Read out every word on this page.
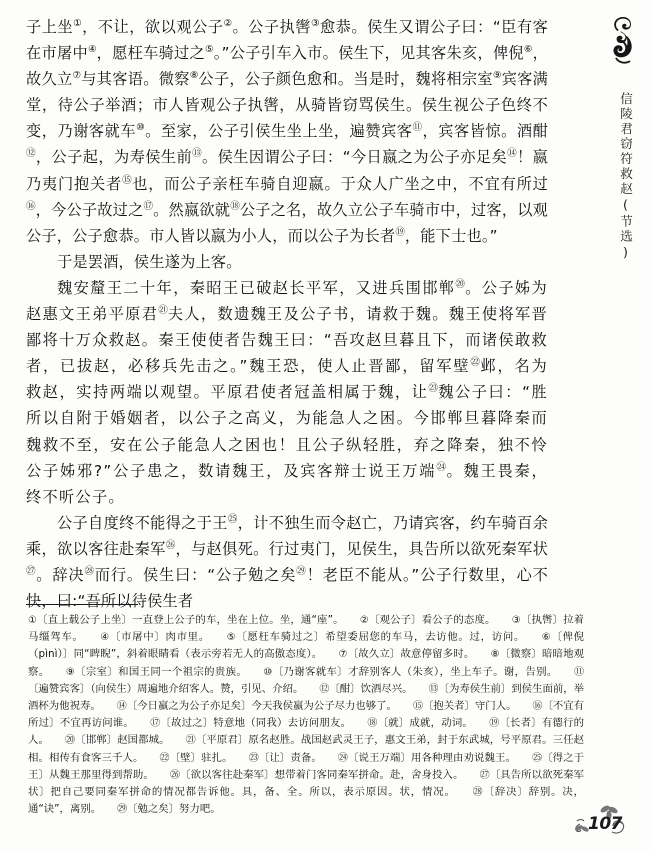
信陵君窃符救赵(节选)

子上坐①，不让，欲以观公子②。公子执辔③愈恭。侯生又谓公子曰：“臣有客在市屠中④，愿枉车骑过之⑤。”公子引车入市。侯生下，见其客朱亥，俾倪⑥，故久立⑦与其客语。微察⑧公子，公子颜色愈和。当是时，魏将相宗室⑨宾客满堂，待公子举酒；市人皆观公子执辔，从骑皆窃骂侯生。侯生视公子色终不变，乃谢客就车⑩。至家，公子引侯生坐上坐，遍赞宾客⑪，宾客皆惊。酒酣⑫，公子起，为寿侯生前⑬。侯生因谓公子曰：“今日嬴之为公子亦足矣⑭！嬴乃夷门抱关者⑮也，而公子亲枉车骑自迎嬴。于众人广坐之中，不宜有所过⑯，今公子故过之⑰。然嬴欲就⑱公子之名，故久立公子车骑市中，过客，以观公子，公子愈恭。市人皆以嬴为小人，而以公子为长者⑲，能下士也。”

于是罢酒，侯生遂为上客。

魏安釐王二十年，秦昭王已破赵长平军，又进兵围邯郸⑳。公子姊为赵惠文王弟平原君$^㉑$夫人，数遗魏王及公子书，请救于魏。魏王使将军晋鄙将十万众救赵。秦王使使者告魏王曰：“吾攻赵旦暮且下，而诸侯敢救者，已拔赵，必移兵先击之。”魏王恐，使人止晋鄙，留军壁$^㉒$邺，名为救赵，实持两端以观望。平原君使者冠盖相属于魏，让$^㉓$魏公子曰：“胜所以自附于婚姻者，以公子之高义，为能急人之困。今邯郸旦暮降秦而魏救不至，安在公子能急人之困也！且公子纵轻胜，弃之降秦，独不怜公子姊邪?”公子患之，数请魏王，及宾客辩士说王万端$^㉔$。魏王畏秦，终不听公子。

公子自度终不能得之于王$^㉕$，计不独生而令赵亡，乃请宾客，约车骑百余乘，欲以客往赴秦军$^㉖$，与赵俱死。行过夷门，见侯生，具告所以欲死秦军状$^㉗$。辞决$^㉘$而行。侯生曰：“公子勉之矣$^㉙$！老臣不能从。”公子行数里，心不快，曰:“吾所以待侯生者

①〔直上载公子上坐〕一直登上公子的车，坐在上位。坐，通“座”。 ②〔观公子〕看公子的态度。 ③〔执辔〕拉着马缰驾车。 ④〔市屠中〕肉市里。 ⑤〔愿枉车骑过之〕希望委屈您的车马，去访他。过，访问。 ⑥〔俾倪（pìnì）〕同“睥睨”，斜着眼睛看（表示旁若无人的高傲态度）。 ⑦〔故久立〕故意停留多时。 ⑧〔微察〕暗暗地观察。 ⑨〔宗室〕和国王同一个祖宗的贵族。 ⑩〔乃谢客就车〕才辞别客人（朱亥），坐上车子。谢，告别。 ⑪〔遍赞宾客〕（向侯生）周遍地介绍客人。赞，引见、介绍。 ⑫〔酣〕饮酒尽兴。 ⑬〔为寿侯生前〕到侯生面前，举酒杯为他祝寿。 ⑭〔今日嬴之为公子亦足矣〕今天我侯嬴为公子尽力也够了。 ⑮〔抱关者〕守门人。 ⑯〔不宜有所过〕不宜再访问谁。 ⑰〔故过之〕特意地（同我）去访问朋友。 ⑱〔就〕成就，动词。 ⑲〔长者〕有德行的人。 ⑳〔邯郸〕赵国都城。 ㉑〔平原君〕原名赵胜。战国赵武灵王子，惠文王弟，封于东武城，号平原君。三任赵相。相传有食客三千人。 ㉒〔壁〕驻扎。 ㉓〔让〕责备。 ㉔〔说王万端〕用各种理由劝说魏王。 ㉕〔得之于王〕从魏王那里得到帮助。 ㉖〔欲以客往赴秦军〕想带着门客同秦军拼命。赴，舍身投入。 ㉗〔具告所以欲死秦军状〕把自己要同秦军拼命的情况都告诉他。具，备、全。所以，表示原因。状，情况。 ㉘〔辞决〕辞别。决，通“诀”，离别。 ㉙〔勉之矣〕努力吧。
107
